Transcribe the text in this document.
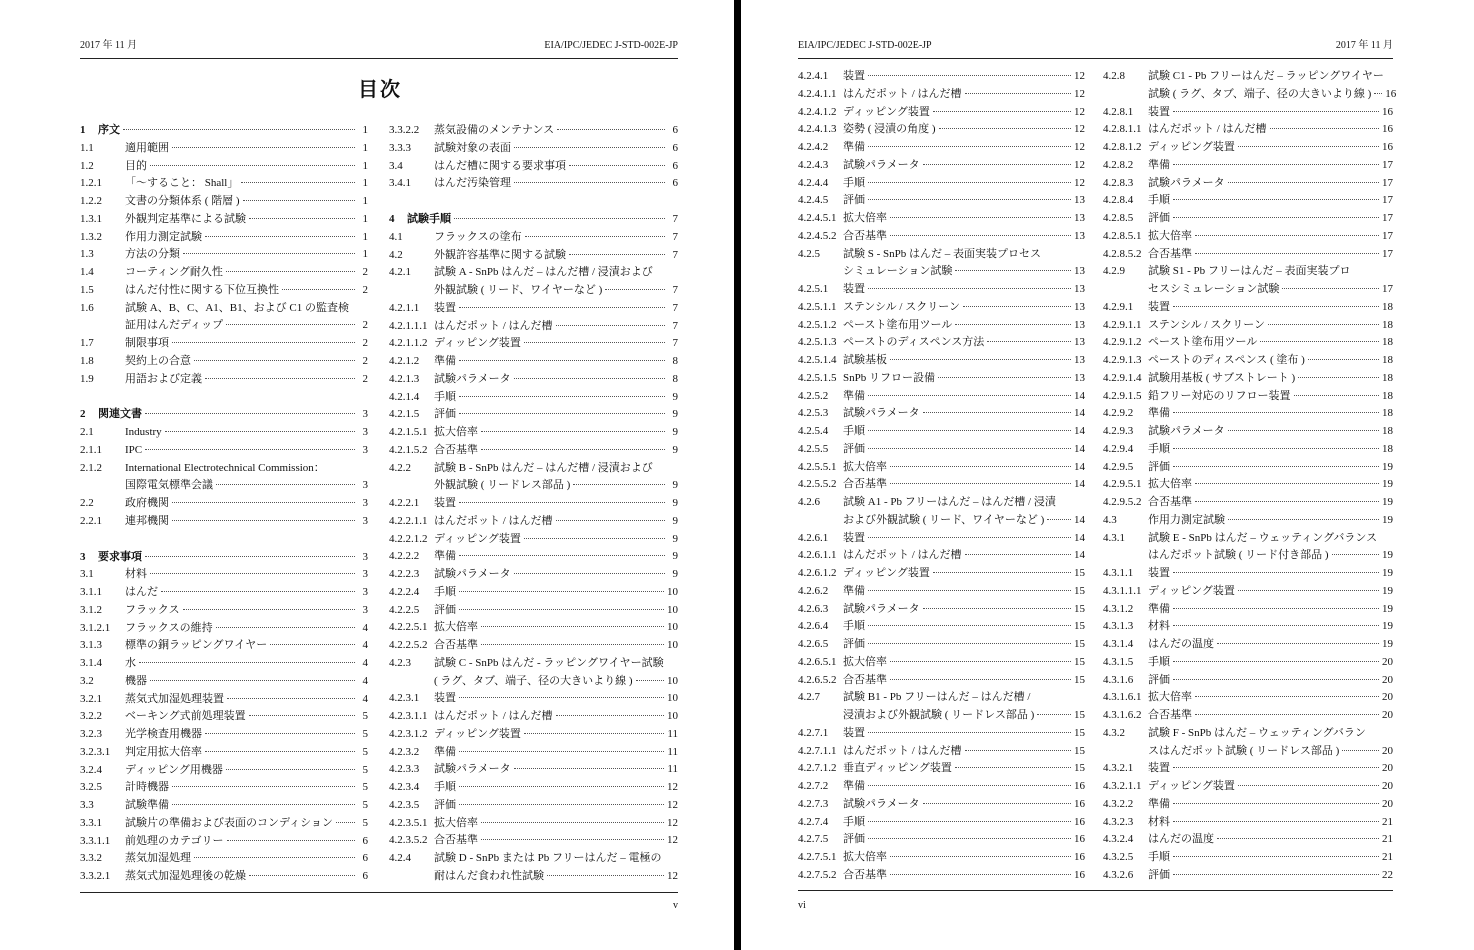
2017 年 11 月	EIA/IPC/JEDEC J-STD-002E-JP
目次
1 序文	1
1.1	適用範囲	1
1.2	目的	1
1.2.1 「～すること： Shall」	1
1.2.2 文書の分類体系 ( 階層 )	1
1.3.1 外観判定基準による試験	1
1.3.2 作用力測定試験	1
1.3	方法の分類	1
1.4	コーティング耐久性	2
1.5	はんだ付性に関する下位互換性	2
1.6	試験 A、B、C、A1、B1、および C1 の監査検
証用はんだディップ	2
1.7	制限事項	2
1.8	契約上の合意	2
1.9	用語および定義	2
2 関連文書	3
2.1	Industry	3
2.1.1 IPC	3
2.1.2 International Electrotechnical Commission：
国際電気標準会議	3
2.2	政府機関	3
2.2.1 連邦機関	3
3 要求事項	3
3.1	材料	3
3.1.1 はんだ	3
3.1.2 フラックス	3
3.1.2.1 フラックスの維持	4
3.1.3 標準の銅ラッピングワイヤー	4
3.1.4 水	4
3.2	機器	4
3.2.1 蒸気式加湿処理装置	4
3.2.2 ベーキング式前処理装置	5
3.2.3 光学検査用機器	5
3.2.3.1 判定用拡大倍率	5
3.2.4 ディッピング用機器	5
3.2.5 計時機器	5
3.3	試験準備	5
3.3.1 試験片の準備および表面のコンディション	5
3.3.1.1 前処理のカテゴリー	6
3.3.2 蒸気加湿処理	6
3.3.2.1 蒸気式加湿処理後の乾燥	6
3.3.2.2 蒸気設備のメンテナンス	6
3.3.3 試験対象の表面	6
3.4	はんだ槽に関する要求事項	6
3.4.1 はんだ汚染管理	6
4 試験手順	7
4.1	フラックスの塗布	7
4.2	外観許容基準に関する試験	7
4.2.1 試験 A - SnPb はんだ – はんだ槽 / 浸漬および
外観試験 ( リード、ワイヤーなど )	7
4.2.1.1 装置	7
4.2.1.1.1 はんだポット / はんだ槽	7
4.2.1.1.2 ディッピング装置	7
4.2.1.2 準備	8
4.2.1.3 試験パラメータ	8
4.2.1.4 手順	9
4.2.1.5 評価	9
4.2.1.5.1 拡大倍率	9
4.2.1.5.2 合否基準	9
4.2.2 試験 B - SnPb はんだ – はんだ槽 / 浸漬および
外観試験 ( リードレス部品 )	9
4.2.2.1 装置	9
4.2.2.1.1 はんだポット / はんだ槽	9
4.2.2.1.2 ディッピング装置	9
4.2.2.2 準備	9
4.2.2.3 試験パラメータ	9
4.2.2.4 手順	10
4.2.2.5 評価	10
4.2.2.5.1 拡大倍率	10
4.2.2.5.2 合否基準	10
4.2.3 試験 C - SnPb はんだ - ラッピングワイヤー試験
( ラグ、タブ、端子、径の大きいより線 )	10
4.2.3.1 装置	10
4.2.3.1.1 はんだポット / はんだ槽	10
4.2.3.1.2 ディッピング装置	11
4.2.3.2 準備	11
4.2.3.3 試験パラメータ	11
4.2.3.4 手順	12
4.2.3.5 評価	12
4.2.3.5.1 拡大倍率	12
4.2.3.5.2 合否基準	12
4.2.4 試験 D - SnPb または Pb フリーはんだ – 電極の
耐はんだ食われ性試験	12
v
EIA/IPC/JEDEC J-STD-002E-JP	2017 年 11 月
4.2.4.1 装置	12
4.2.4.1.1 はんだポット / はんだ槽	12
4.2.4.1.2 ディッピング装置	12
4.2.4.1.3 姿勢 ( 浸漬の角度 )	12
4.2.4.2 準備	12
4.2.4.3 試験パラメータ	12
4.2.4.4 手順	12
4.2.4.5 評価	13
4.2.4.5.1 拡大倍率	13
4.2.4.5.2 合否基準	13
4.2.5 試験 S - SnPb はんだ – 表面実装プロセス
シミュレーション試験	13
4.2.5.1 装置	13
4.2.5.1.1 ステンシル / スクリーン	13
4.2.5.1.2 ペースト塗布用ツール	13
4.2.5.1.3 ペーストのディスペンス方法	13
4.2.5.1.4 試験基板	13
4.2.5.1.5 SnPb リフロー設備	13
4.2.5.2 準備	14
4.2.5.3 試験パラメータ	14
4.2.5.4 手順	14
4.2.5.5 評価	14
4.2.5.5.1 拡大倍率	14
4.2.5.5.2 合否基準	14
4.2.6 試験 A1 - Pb フリーはんだ – はんだ槽 / 浸漬
および外観試験 ( リード、ワイヤーなど )	14
4.2.6.1 装置	14
4.2.6.1.1 はんだポット / はんだ槽	14
4.2.6.1.2 ディッピング装置	15
4.2.6.2 準備	15
4.2.6.3 試験パラメータ	15
4.2.6.4 手順	15
4.2.6.5 評価	15
4.2.6.5.1 拡大倍率	15
4.2.6.5.2 合否基準	15
4.2.7 試験 B1 - Pb フリーはんだ – はんだ槽 /
浸漬および外観試験 ( リードレス部品 )	15
4.2.7.1 装置	15
4.2.7.1.1 はんだポット / はんだ槽	15
4.2.7.1.2 垂直ディッピング装置	15
4.2.7.2 準備	16
4.2.7.3 試験パラメータ	16
4.2.7.4 手順	16
4.2.7.5 評価	16
4.2.7.5.1 拡大倍率	16
4.2.7.5.2 合否基準	16
4.2.8 試験 C1 - Pb フリーはんだ – ラッピングワイヤー
試験 ( ラグ、タブ、端子、径の大きいより線 ) 16
4.2.8.1 装置	16
4.2.8.1.1 はんだポット / はんだ槽	16
4.2.8.1.2 ディッピング装置	16
4.2.8.2 準備	17
4.2.8.3 試験パラメータ	17
4.2.8.4 手順	17
4.2.8.5 評価	17
4.2.8.5.1 拡大倍率	17
4.2.8.5.2 合否基準	17
4.2.9 試験 S1 - Pb フリーはんだ – 表面実装プロ
セスシミュレーション試験	17
4.2.9.1 装置	18
4.2.9.1.1 ステンシル / スクリーン	18
4.2.9.1.2 ペースト塗布用ツール	18
4.2.9.1.3 ペーストのディスペンス ( 塗布 )	18
4.2.9.1.4 試験用基板 ( サブストレート )	18
4.2.9.1.5 鉛フリー対応のリフロー装置	18
4.2.9.2 準備	18
4.2.9.3 試験パラメータ	18
4.2.9.4 手順	18
4.2.9.5 評価	19
4.2.9.5.1 拡大倍率	19
4.2.9.5.2 合否基準	19
4.3	作用力測定試験	19
4.3.1 試験 E - SnPb はんだ – ウェッティングバランス
はんだポット試験 ( リード付き部品 )	19
4.3.1.1 装置	19
4.3.1.1.1 ディッピング装置	19
4.3.1.2 準備	19
4.3.1.3 材料	19
4.3.1.4 はんだの温度	19
4.3.1.5 手順	20
4.3.1.6 評価	20
4.3.1.6.1 拡大倍率	20
4.3.1.6.2 合否基準	20
4.3.2 試験 F - SnPb はんだ – ウェッティングバラン
スはんだポット試験 ( リードレス部品 )	20
4.3.2.1 装置	20
4.3.2.1.1 ディッピング装置	20
4.3.2.2 準備	20
4.3.2.3 材料	21
4.3.2.4 はんだの温度	21
4.3.2.5 手順	21
4.3.2.6 評価	22
vi
